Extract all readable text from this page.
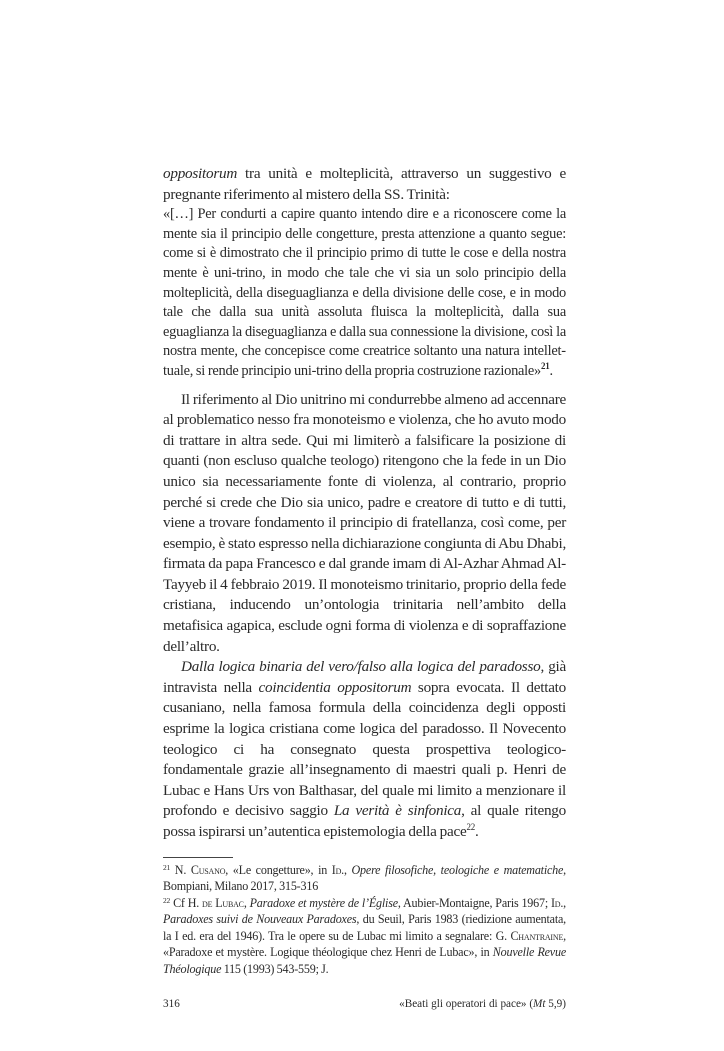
oppositorum tra unità e molteplicità, attraverso un suggestivo e pregnante riferimento al mistero della SS. Trinità:

«[…] Per condurti a capire quanto intendo dire e a riconoscere come la mente sia il principio delle congetture, presta attenzione a quanto segue: come si è dimostrato che il principio primo di tutte le cose e della nostra mente è uni-trino, in modo che tale che vi sia un solo principio della molteplicità, della diseguaglianza e della divisione delle cose, e in modo tale che dalla sua unità assoluta fluisca la molteplicità, dalla sua eguaglianza la diseguaglianza e dalla sua connessione la divisione, così la nostra mente, che concepisce come creatrice soltanto una natura intellettuale, si rende principio uni-trino della propria costruzione razionale»$^{21}$.

Il riferimento al Dio unitrino mi condurrebbe almeno ad accennare al problematico nesso fra monoteismo e violenza, che ho avuto modo di trattare in altra sede. Qui mi limiterò a falsificare la posizione di quanti (non escluso qualche teologo) ritengono che la fede in un Dio unico sia necessariamente fonte di violenza, al contrario, proprio perché si crede che Dio sia unico, padre e creatore di tutto e di tutti, viene a trovare fondamento il principio di fratellanza, così come, per esempio, è stato espresso nella dichiarazione congiunta di Abu Dhabi, firmata da papa Francesco e dal grande imam di Al-Azhar Ahmad Al-Tayyeb il 4 febbraio 2019. Il monoteismo trinitario, proprio della fede cristiana, inducendo un’ontologia trinitaria nell’ambito della metafisica agapica, esclude ogni forma di violenza e di sopraffazione dell’altro.

Dalla logica binaria del vero/falso alla logica del paradosso, già intravista nella coincidentia oppositorum sopra evocata. Il dettato cusaniano, nella famosa formula della coincidenza degli opposti esprime la logica cristiana come logica del paradosso. Il Novecento teologico ci ha consegnato questa prospettiva teologico-fondamentale grazie all’insegnamento di maestri quali p. Henri de Lubac e Hans Urs von Balthasar, del quale mi limito a menzionare il profondo e decisivo saggio La verità è sinfonica, al quale ritengo possa ispirarsi un’autentica epistemologia della pace$^{22}$.

$^{21}$ N. Cusano, «Le congetture», in Id., Opere filosofiche, teologiche e matematiche, Bompiani, Milano 2017, 315-316

$^{22}$ Cf H. de Lubac, Paradoxe et mystère de l’Église, Aubier-Montaigne, Paris 1967; Id., Paradoxes suivi de Nouveaux Paradoxes, du Seuil, Paris 1983 (riedizione aumentata, la I ed. era del 1946). Tra le opere su de Lubac mi limito a segnalare: G. Chantraine, «Paradoxe et mystère. Logique théologique chez Henri de Lubac», in Nouvelle Revue Théologique 115 (1993) 543-559; J.

316	«Beati gli operatori di pace» (Mt 5,9)
